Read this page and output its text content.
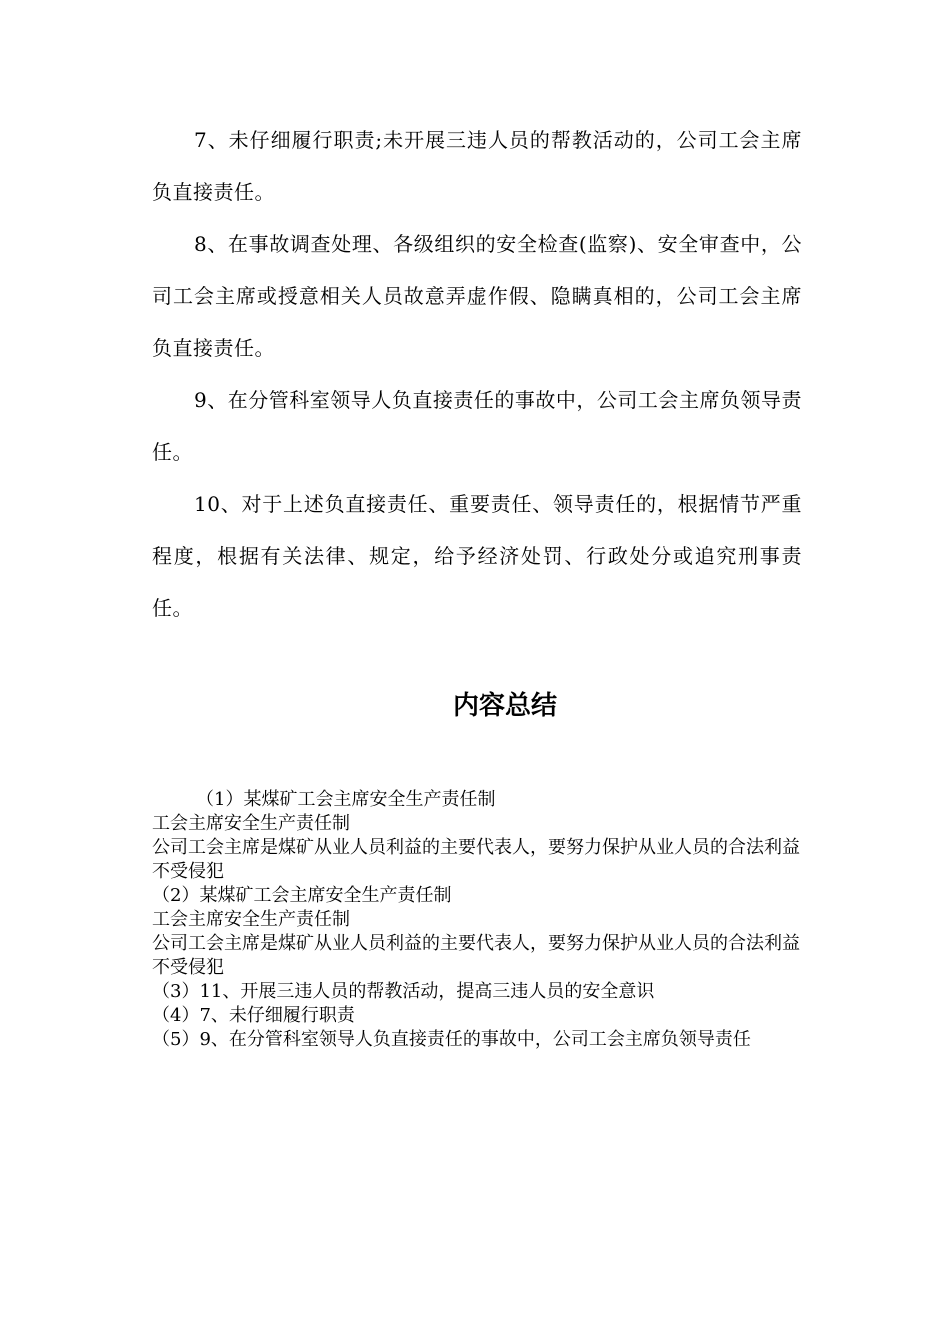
7、未仔细履行职责;未开展三违人员的帮教活动的，公司工会主席负直接责任。

8、在事故调查处理、各级组织的安全检查(监察)、安全审查中，公司工会主席或授意相关人员故意弄虚作假、隐瞒真相的，公司工会主席负直接责任。

9、在分管科室领导人负直接责任的事故中，公司工会主席负领导责任。

10、对于上述负直接责任、重要责任、领导责任的，根据情节严重程度，根据有关法律、规定，给予经济处罚、行政处分或追究刑事责任。

内容总结

（1）某煤矿工会主席安全生产责任制

工会主席安全生产责任制

公司工会主席是煤矿从业人员利益的主要代表人，要努力保护从业人员的合法利益不受侵犯

（2）某煤矿工会主席安全生产责任制

工会主席安全生产责任制

公司工会主席是煤矿从业人员利益的主要代表人，要努力保护从业人员的合法利益不受侵犯

（3）11、开展三违人员的帮教活动，提高三违人员的安全意识

（4）7、未仔细履行职责

（5）9、在分管科室领导人负直接责任的事故中，公司工会主席负领导责任
